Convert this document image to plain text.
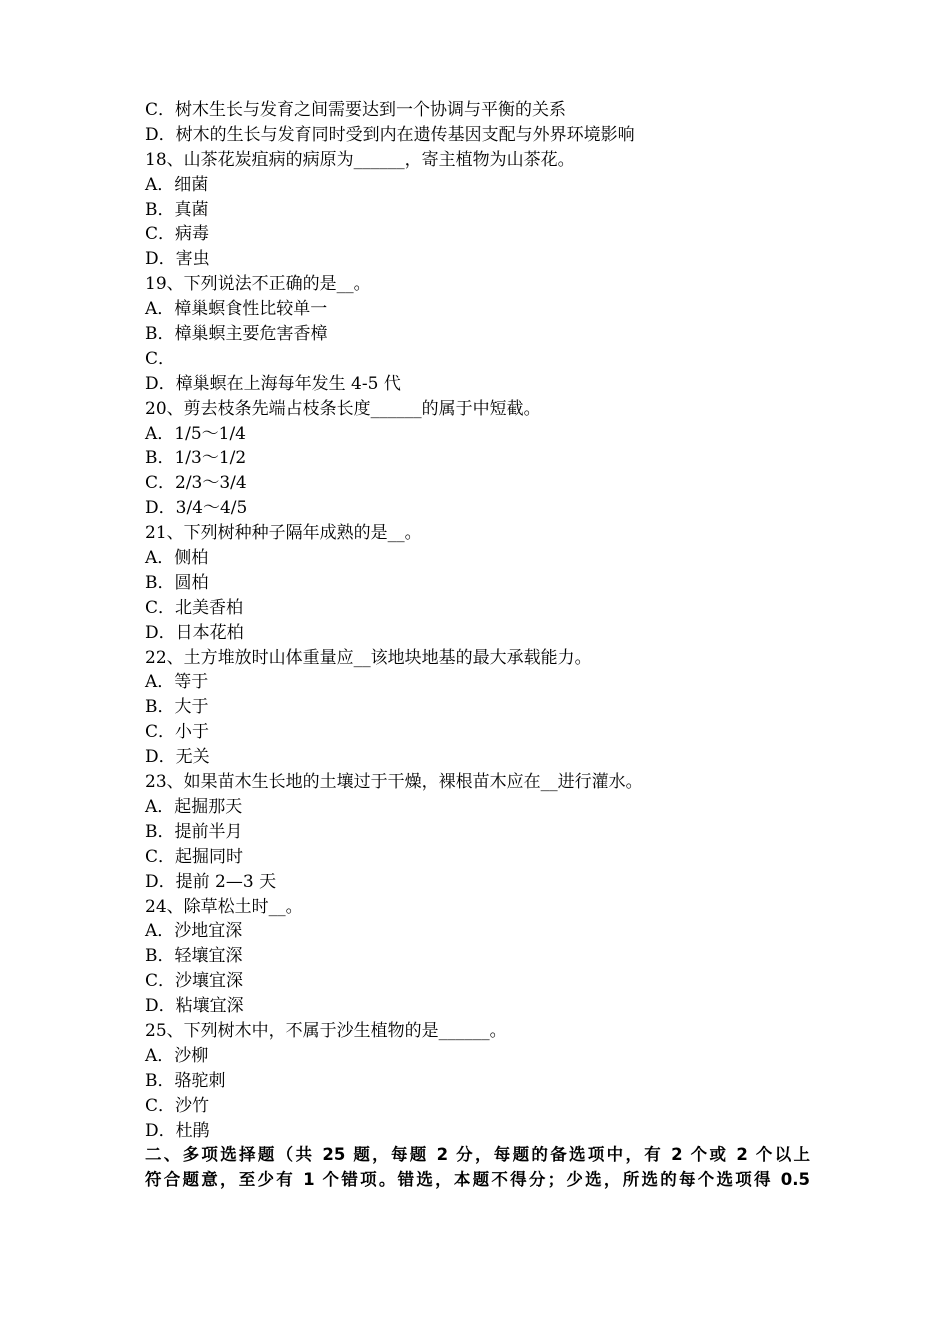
C．树木生长与发育之间需要达到一个协调与平衡的关系
D．树木的生长与发育同时受到内在遗传基因支配与外界环境影响
18、山茶花炭疽病的病原为______，寄主植物为山茶花。
A．细菌
B．真菌
C．病毒
D．害虫
19、下列说法不正确的是__。
A．樟巢螟食性比较单一
B．樟巢螟主要危害香樟
C．
D．樟巢螟在上海每年发生 4-5 代
20、剪去枝条先端占枝条长度______的属于中短截。
A．1/5～1/4
B．1/3～1/2
C．2/3～3/4
D．3/4～4/5
21、下列树种种子隔年成熟的是__。
A．侧柏
B．圆柏
C．北美香柏
D．日本花柏
22、土方堆放时山体重量应__该地块地基的最大承载能力。
A．等于
B．大于
C．小于
D．无关
23、如果苗木生长地的土壤过于干燥，裸根苗木应在__进行灌水。
A．起掘那天
B．提前半月
C．起掘同时
D．提前 2—3 天
24、除草松土时__。
A．沙地宜深
B．轻壤宜深
C．沙壤宜深
D．粘壤宜深
25、下列树木中，不属于沙生植物的是______。
A．沙柳
B．骆驼刺
C．沙竹
D．杜鹃
二、多项选择题（共 25 题，每题 2 分，每题的备选项中，有 2 个或 2 个以上
符合题意，至少有 1 个错项。错选，本题不得分；少选，所选的每个选项得 0.5
